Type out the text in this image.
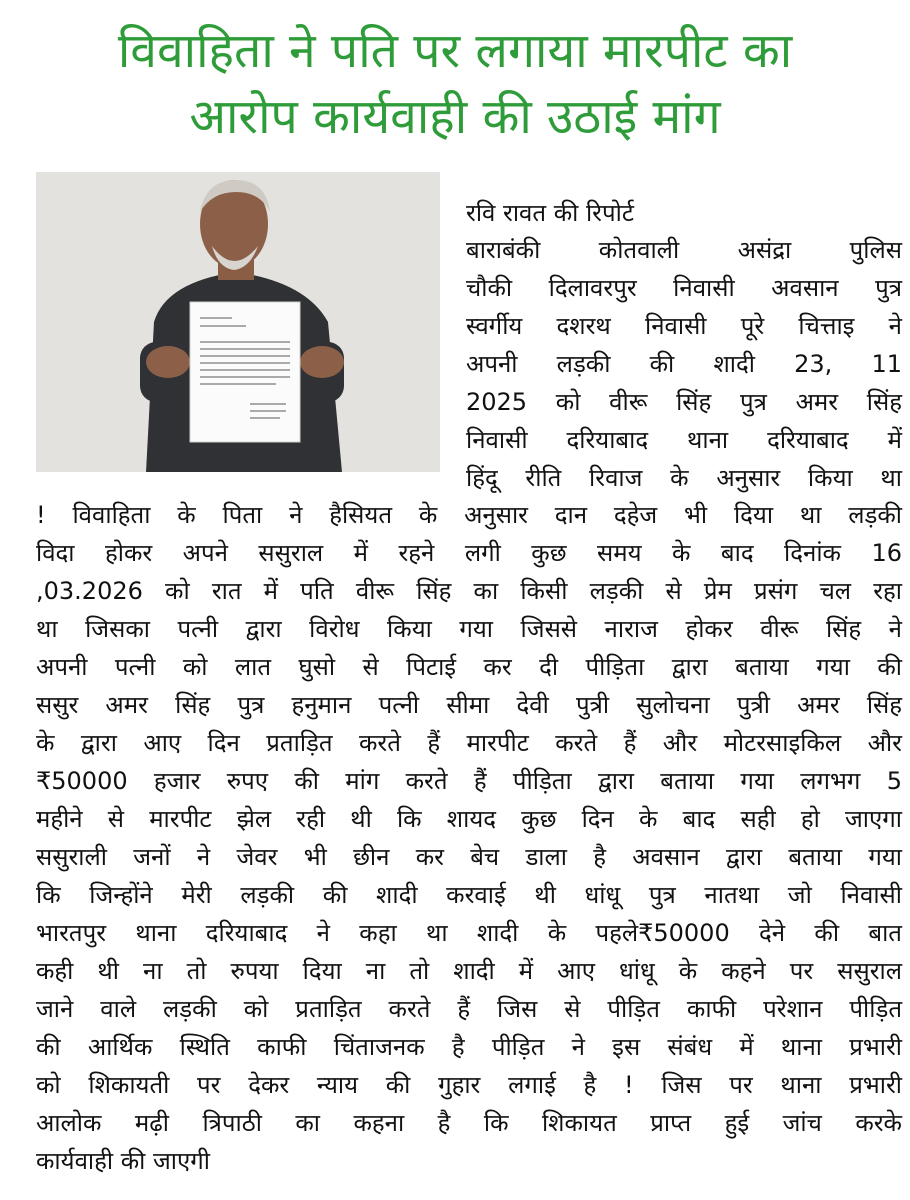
विवाहिता ने पति पर लगाया मारपीट का
आरोप कार्यवाही की उठाई मांग
रवि रावत की रिपोर्ट
बाराबंकी कोतवाली असंद्रा पुलिस
चौकी दिलावरपुर निवासी अवसान पुत्र
स्वर्गीय दशरथ निवासी पूरे चित्ताइ ने
अपनी लड़की की शादी 23, 11
2025 को वीरू सिंह पुत्र अमर सिंह
निवासी दरियाबाद थाना दरियाबाद में
हिंदू रीति रिवाज के अनुसार किया था
! विवाहिता के पिता ने हैसियत के अनुसार दान दहेज भी दिया था लड़की
विदा होकर अपने ससुराल में रहने लगी कुछ समय के बाद दिनांक 16
,03.2026 को रात में पति वीरू सिंह का किसी लड़की से प्रेम प्रसंग चल रहा
था जिसका पत्नी द्वारा विरोध किया गया जिससे नाराज होकर वीरू सिंह ने
अपनी पत्नी को लात घुसो से पिटाई कर दी पीड़िता द्वारा बताया गया की
ससुर अमर सिंह पुत्र हनुमान पत्नी सीमा देवी पुत्री सुलोचना पुत्री अमर सिंह
के द्वारा आए दिन प्रताड़ित करते हैं मारपीट करते हैं और मोटरसाइकिल और
₹50000 हजार रुपए की मांग करते हैं पीड़िता द्वारा बताया गया लगभग 5
महीने से मारपीट झेल रही थी कि शायद कुछ दिन के बाद सही हो जाएगा
ससुराली जनों ने जेवर भी छीन कर बेच डाला है अवसान द्वारा बताया गया
कि जिन्होंने मेरी लड़की की शादी करवाई थी धांधू पुत्र नातथा जो निवासी
भारतपुर थाना दरियाबाद ने कहा था शादी के पहले₹50000 देने की बात
कही थी ना तो रुपया दिया ना तो शादी में आए धांधू के कहने पर ससुराल
जाने वाले लड़की को प्रताड़ित करते हैं जिस से पीड़ित काफी परेशान पीड़ित
की आर्थिक स्थिति काफी चिंताजनक है पीड़ित ने इस संबंध में थाना प्रभारी
को शिकायती पर देकर न्याय की गुहार लगाई है ! जिस पर थाना प्रभारी
आलोक मढ़ी त्रिपाठी का कहना है कि शिकायत प्राप्त हुई जांच करके
कार्यवाही की जाएगी
